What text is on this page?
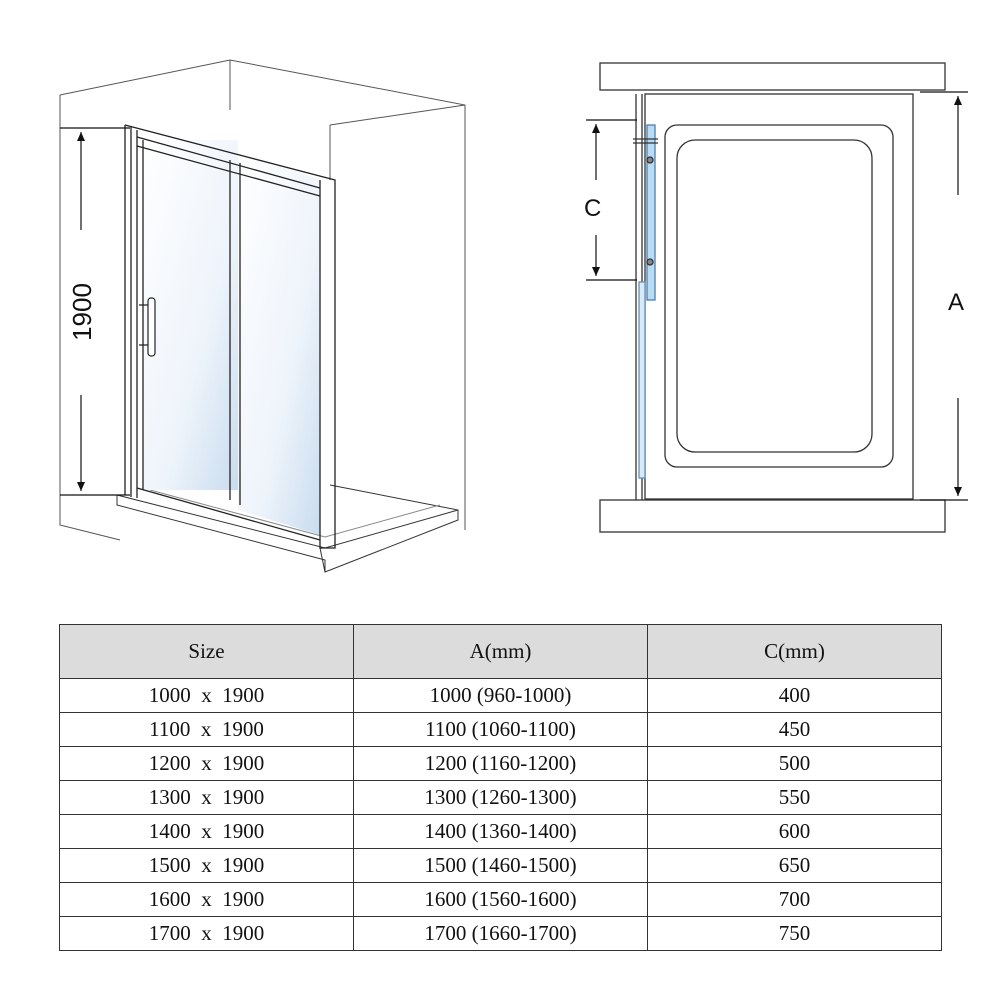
1900
C
A
Size	A(mm)	C(mm)
1000  x  1900	1000 (960-1000)	400
1100  x  1900	1100 (1060-1100)	450
1200  x  1900	1200 (1160-1200)	500
1300  x  1900	1300 (1260-1300)	550
1400  x  1900	1400 (1360-1400)	600
1500  x  1900	1500 (1460-1500)	650
1600  x  1900	1600 (1560-1600)	700
1700  x  1900	1700 (1660-1700)	750
